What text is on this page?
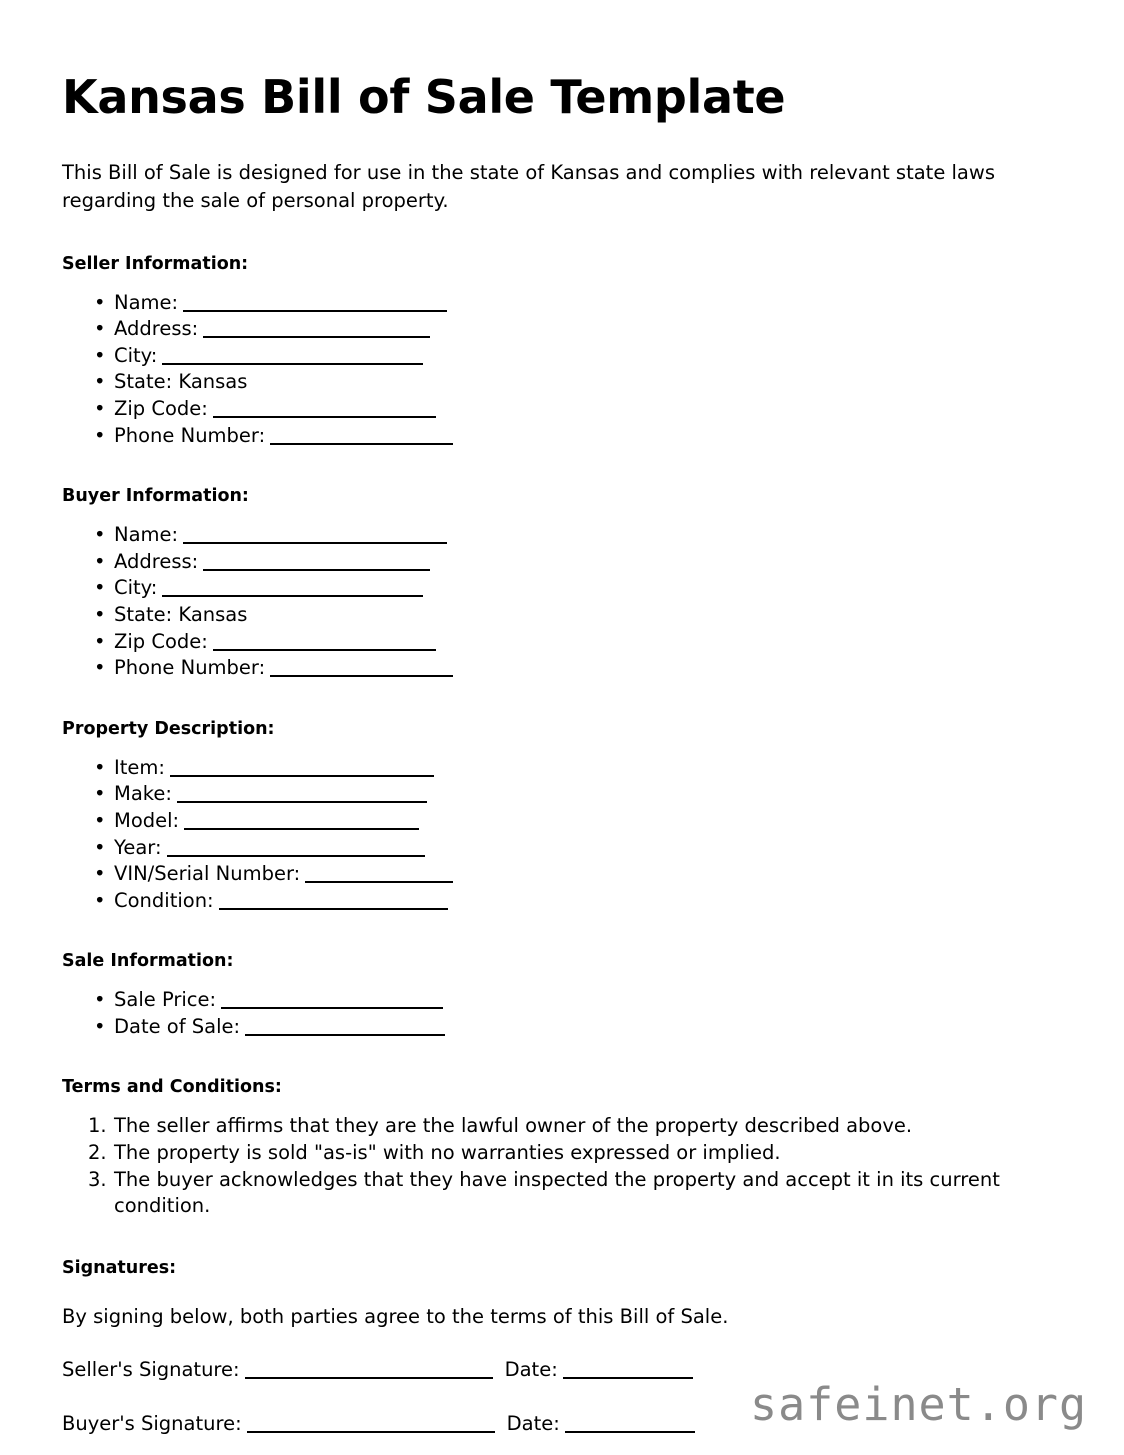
Kansas Bill of Sale Template

This Bill of Sale is designed for use in the state of Kansas and complies with relevant state laws regarding the sale of personal property.

Seller Information:
• Name:
• Address:
• City:
• State: Kansas
• Zip Code:
• Phone Number:
Buyer Information:
• Name:
• Address:
• City:
• State: Kansas
• Zip Code:
• Phone Number:
Property Description:
• Item:
• Make:
• Model:
• Year:
• VIN/Serial Number:
• Condition:
Sale Information:
• Sale Price:
• Date of Sale:
Terms and Conditions:
The seller affirms that they are the lawful owner of the property described above.
The property is sold "as-is" with no warranties expressed or implied.
The buyer acknowledges that they have inspected the property and accept it in its current condition.
Signatures:

By signing below, both parties agree to the terms of this Bill of Sale.

Seller's Signature:	Date:
Buyer's Signature:	Date:	safeinet.org
